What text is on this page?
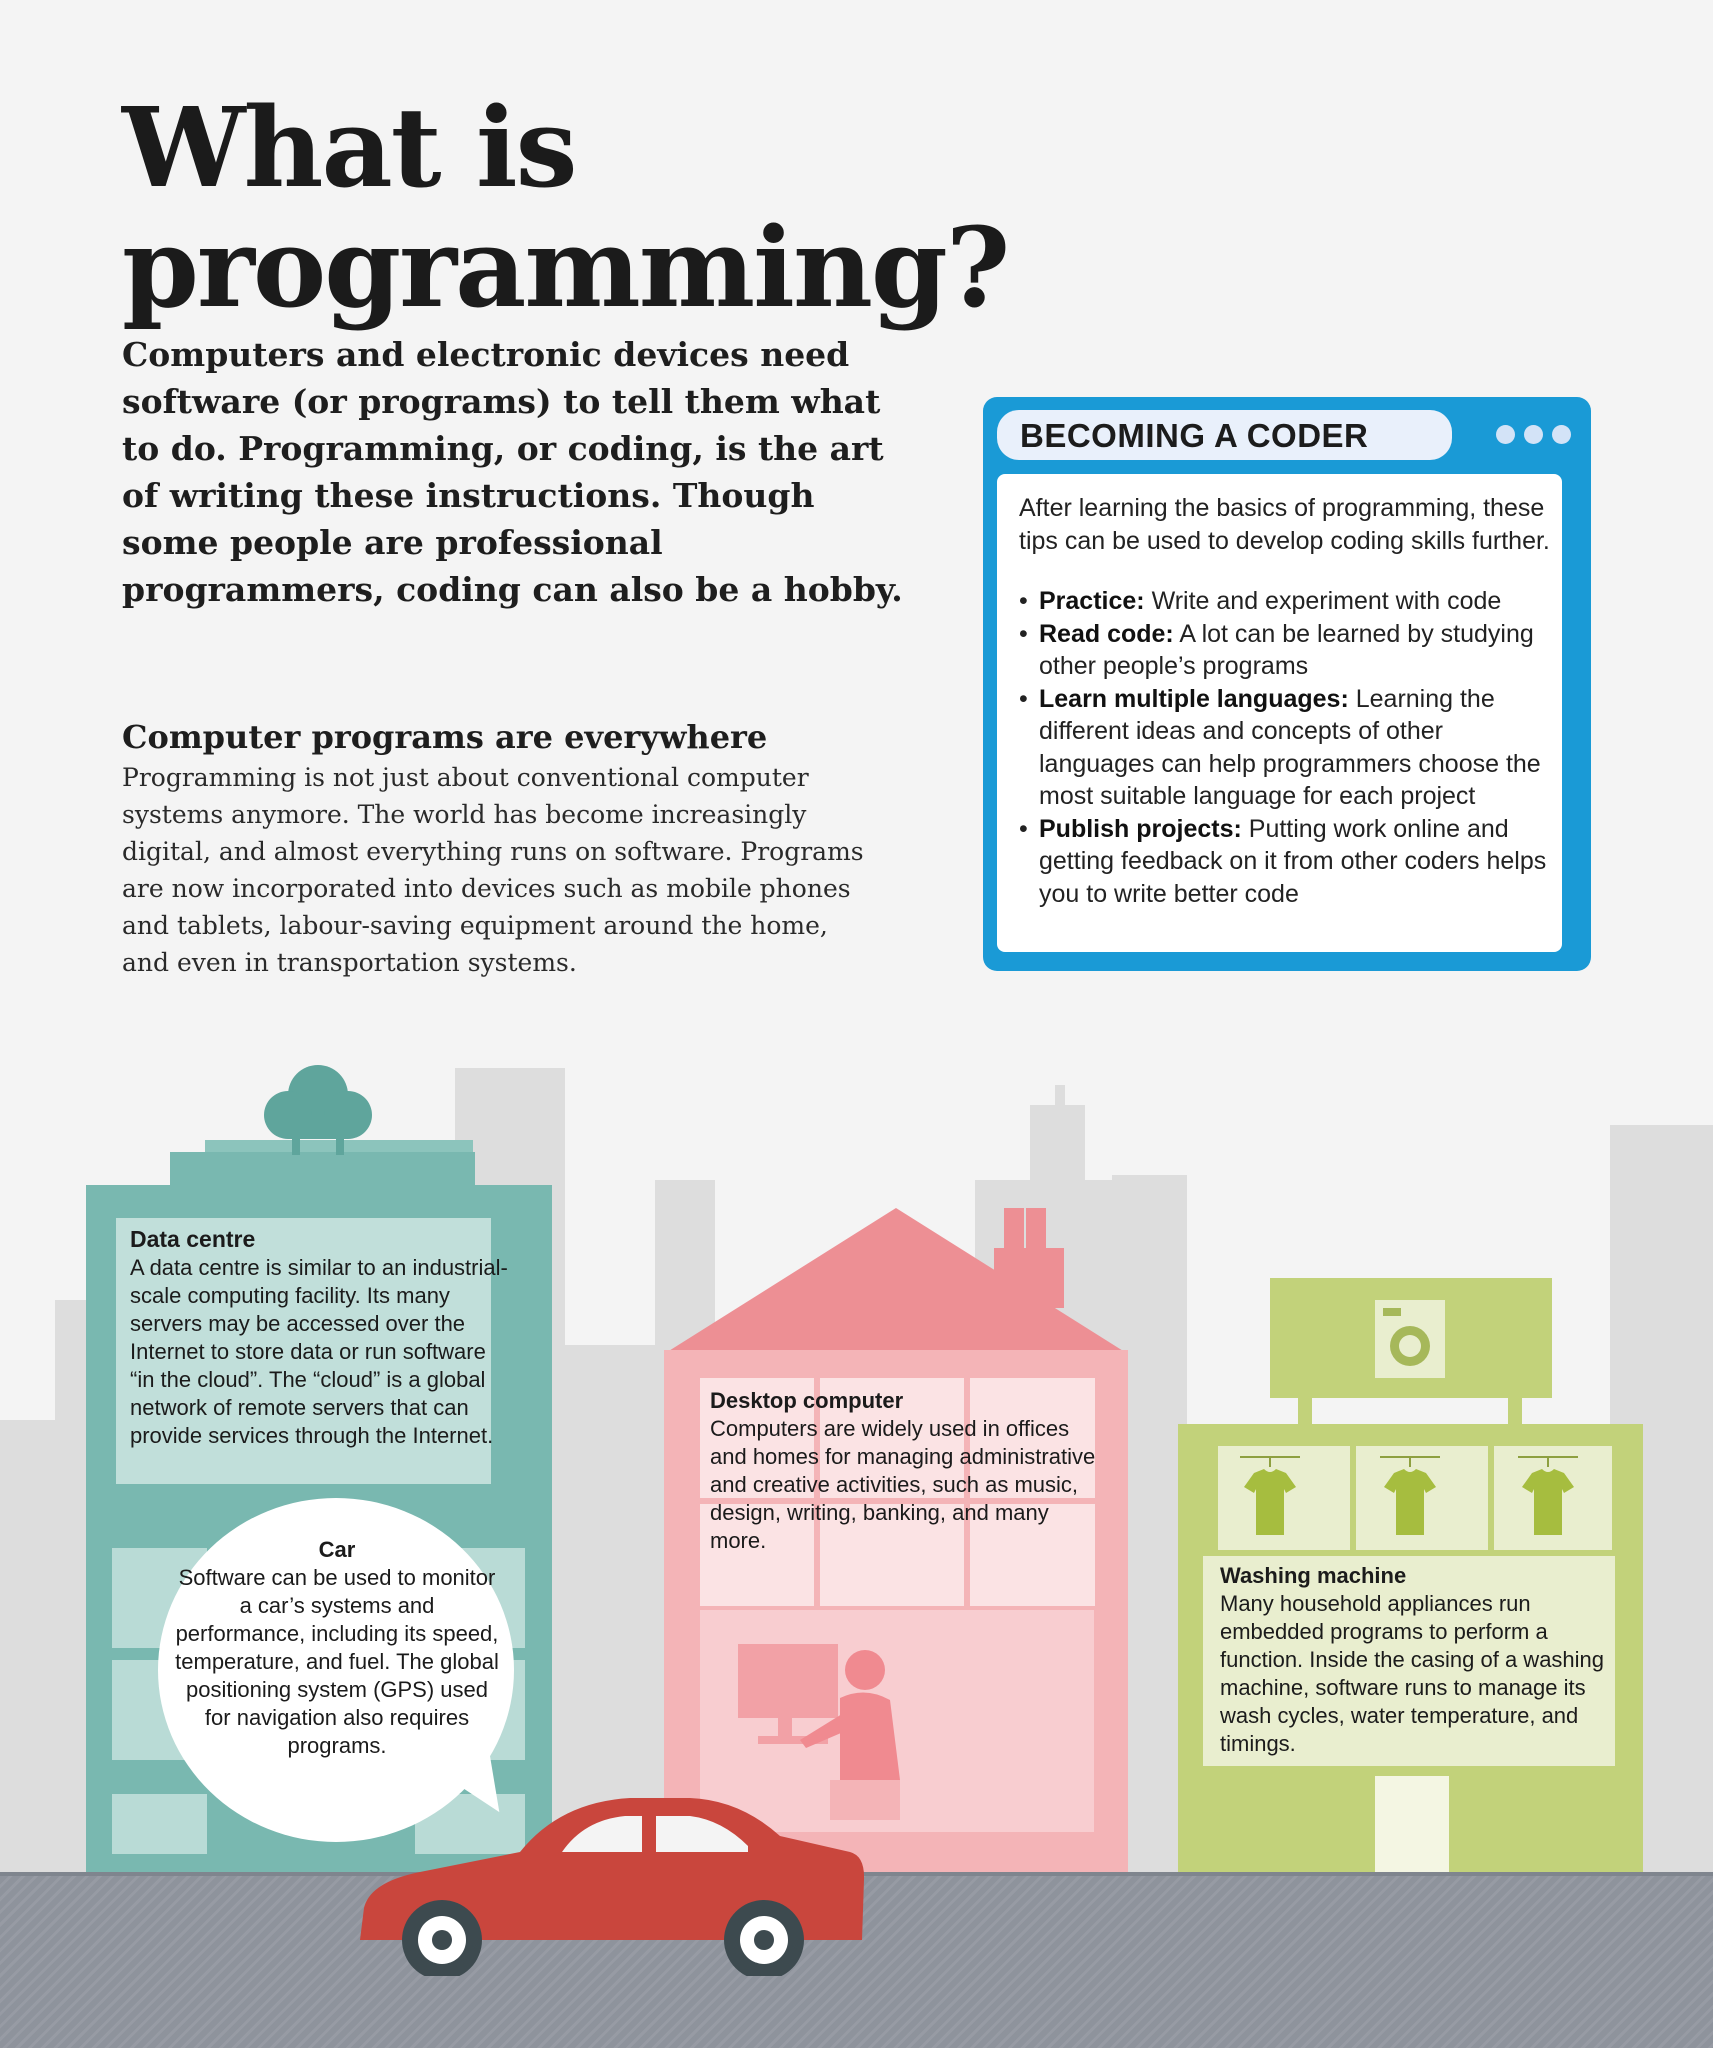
What is
programming?

Computers and electronic devices need software (or programs) to tell them what to do. Programming, or coding, is the art of writing these instructions. Though some people are professional programmers, coding can also be a hobby.

Computer programs are everywhere

Programming is not just about conventional computer systems anymore. The world has become increasingly digital, and almost everything runs on software. Programs are now incorporated into devices such as mobile phones and tablets, labour-saving equipment around the home, and even in transportation systems.

BECOMING A CODER

After learning the basics of programming, these tips can be used to develop coding skills further.

• Practice: Write and experiment with code
• Read code: A lot can be learned by studying other people’s programs
• Learn multiple languages: Learning the different ideas and concepts of other languages can help programmers choose the most suitable language for each project
• Publish projects: Putting work online and getting feedback on it from other coders helps you to write better code
Data centre
A data centre is similar to an industrial-scale computing facility. Its many servers may be accessed over the Internet to store data or run software “in the cloud”. The “cloud” is a global network of remote servers that can provide services through the Internet.
Car
Software can be used to monitor a car’s systems and performance, including its speed, temperature, and fuel. The global positioning system (GPS) used for navigation also requires programs.
Desktop computer
Computers are widely used in offices and homes for managing administrative and creative activities, such as music, design, writing, banking, and many more.
Washing machine
Many household appliances run embedded programs to perform a function. Inside the casing of a washing machine, software runs to manage its wash cycles, water temperature, and timings.
